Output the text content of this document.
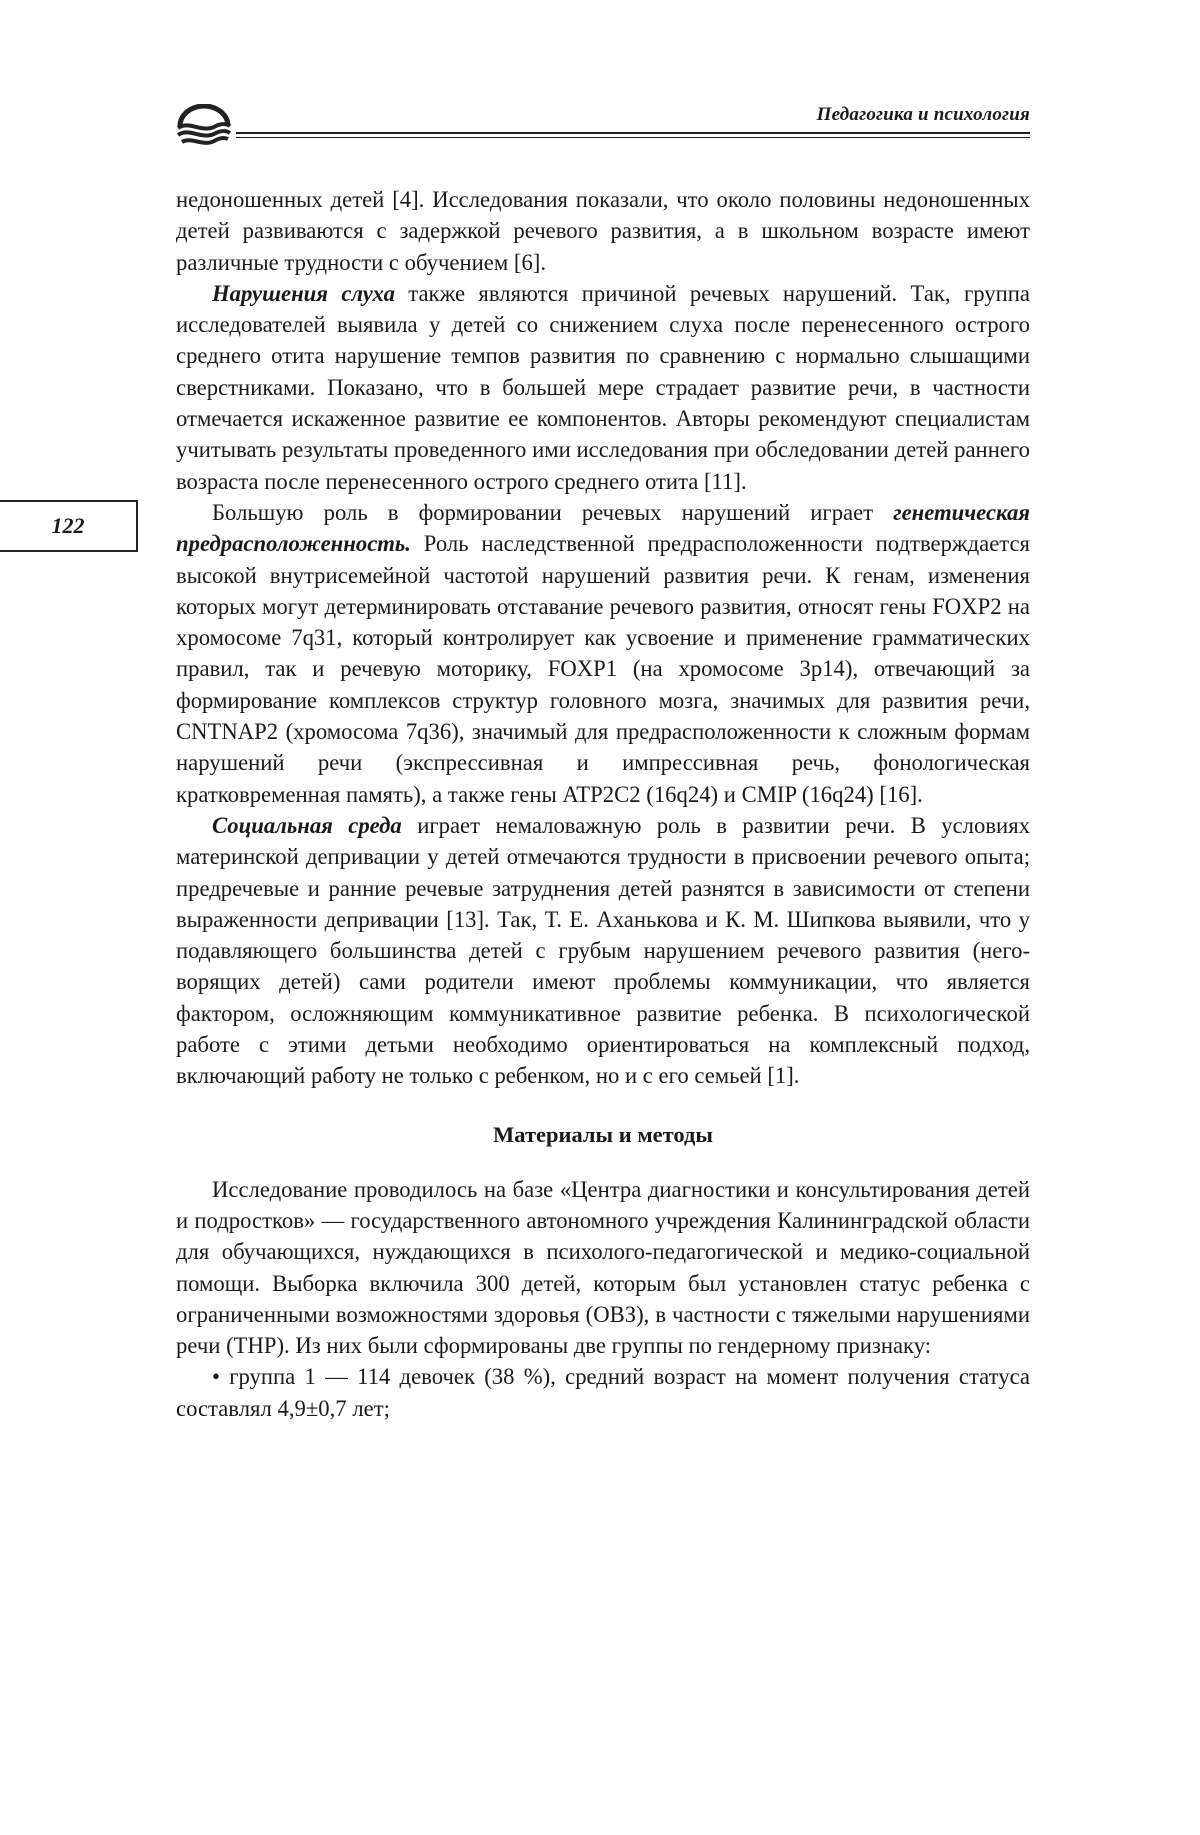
Педагогика и психология
122

недоношенных детей [4]. Исследования показали, что около половины недоношенных детей развиваются с задержкой речевого развития, а в школьном возрасте имеют различные трудности с обучением [6].

Нарушения слуха также являются причиной речевых нарушений. Так, группа исследователей выявила у детей со снижением слуха после перенесенного острого среднего отита нарушение темпов развития по сравнению с нормально слышащими сверстниками. Показано, что в большей мере страдает развитие речи, в частности отмечается искаженное развитие ее компонентов. Авторы рекомендуют специалистам учитывать результаты проведенного ими исследования при обследовании детей раннего возраста после перенесенного острого среднего отита [11].

Большую роль в формировании речевых нарушений играет генетическая предрасположенность. Роль наследственной предрасположенности подтверждается высокой внутрисемейной частотой нарушений развития речи. К генам, изменения которых могут детерминировать отставание речевого развития, относят гены FOXP2 на хромосоме 7q31, который контролирует как усвоение и применение грамматических правил, так и речевую моторику, FOXP1 (на хромосоме 3p14), отвечающий за формирование комплексов структур головного мозга, значимых для развития речи, CNTNAP2 (хромосома 7q36), значимый для предрасположенности к сложным формам нарушений речи (экспрессивная и импрессивная речь, фонологическая кратковременная память), а также гены ATP2C2 (16q24) и CMIP (16q24) [16].

Социальная среда играет немаловажную роль в развитии речи. В условиях материнской депривации у детей отмечаются трудности в присвоении речевого опыта; предречевые и ранние речевые затруднения детей разнятся в зависимости от степени выраженности депривации [13]. Так, Т. Е. Аханькова и К. М. Шипкова выявили, что у подавляющего большинства детей с грубым нарушением речевого развития (неговорящих детей) сами родители имеют проблемы коммуникации, что является фактором, осложняющим коммуникативное развитие ребенка. В психологической работе с этими детьми необходимо ориентироваться на комплексный подход, включающий работу не только с ребенком, но и с его семьей [1].

Материалы и методы

Исследование проводилось на базе «Центра диагностики и консультирования детей и подростков» — государственного автономного учреждения Калининградской области для обучающихся, нуждающихся в психолого-педагогической и медико-социальной помощи. Выборка включила 300 детей, которым был установлен статус ребенка с ограниченными возможностями здоровья (ОВЗ), в частности с тяжелыми нарушениями речи (ТНР). Из них были сформированы две группы по гендерному признаку:

• группа 1 — 114 девочек (38 %), средний возраст на момент получения статуса составлял 4,9±0,7 лет;
